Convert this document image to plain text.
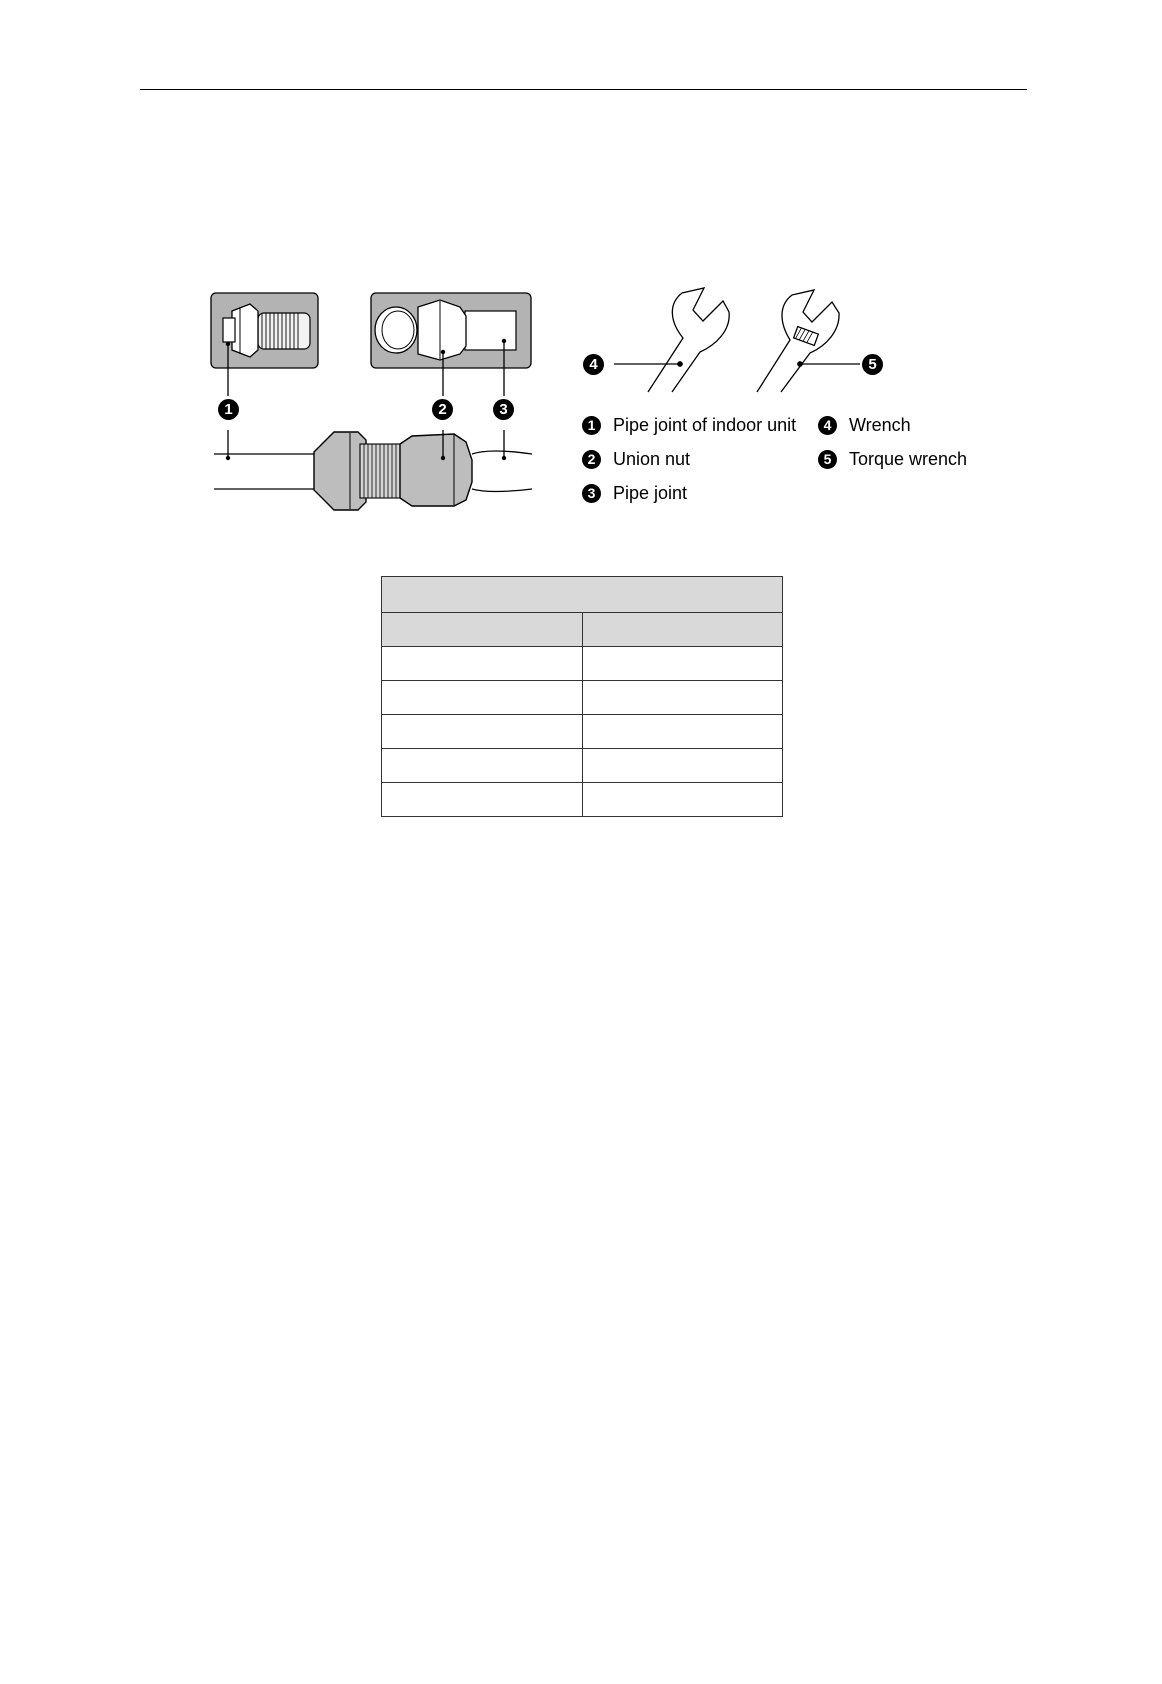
1	2	3
4	5
1 Pipe joint of indoor unit
2 Union nut
3 Pipe joint
4 Wrench
5 Torque wrench
